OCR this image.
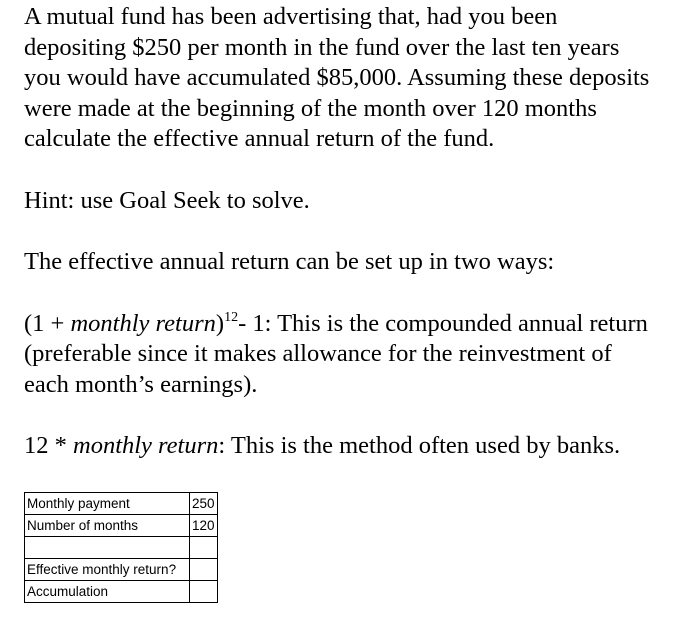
A mutual fund has been advertising that, had you been
depositing $250 per month in the fund over the last ten years
you would have accumulated $85,000. Assuming these deposits
were made at the beginning of the month over 120 months
calculate the effective annual return of the fund.
Hint: use Goal Seek to solve.
The effective annual return can be set up in two ways:
(1 + monthly return)$^{12}$- 1: This is the compounded annual return
(preferable since it makes allowance for the reinvestment of
each month’s earnings).
12 * monthly return: This is the method often used by banks.
Monthly payment	250
Number of months	120

Effective monthly return?	
Accumulation	
